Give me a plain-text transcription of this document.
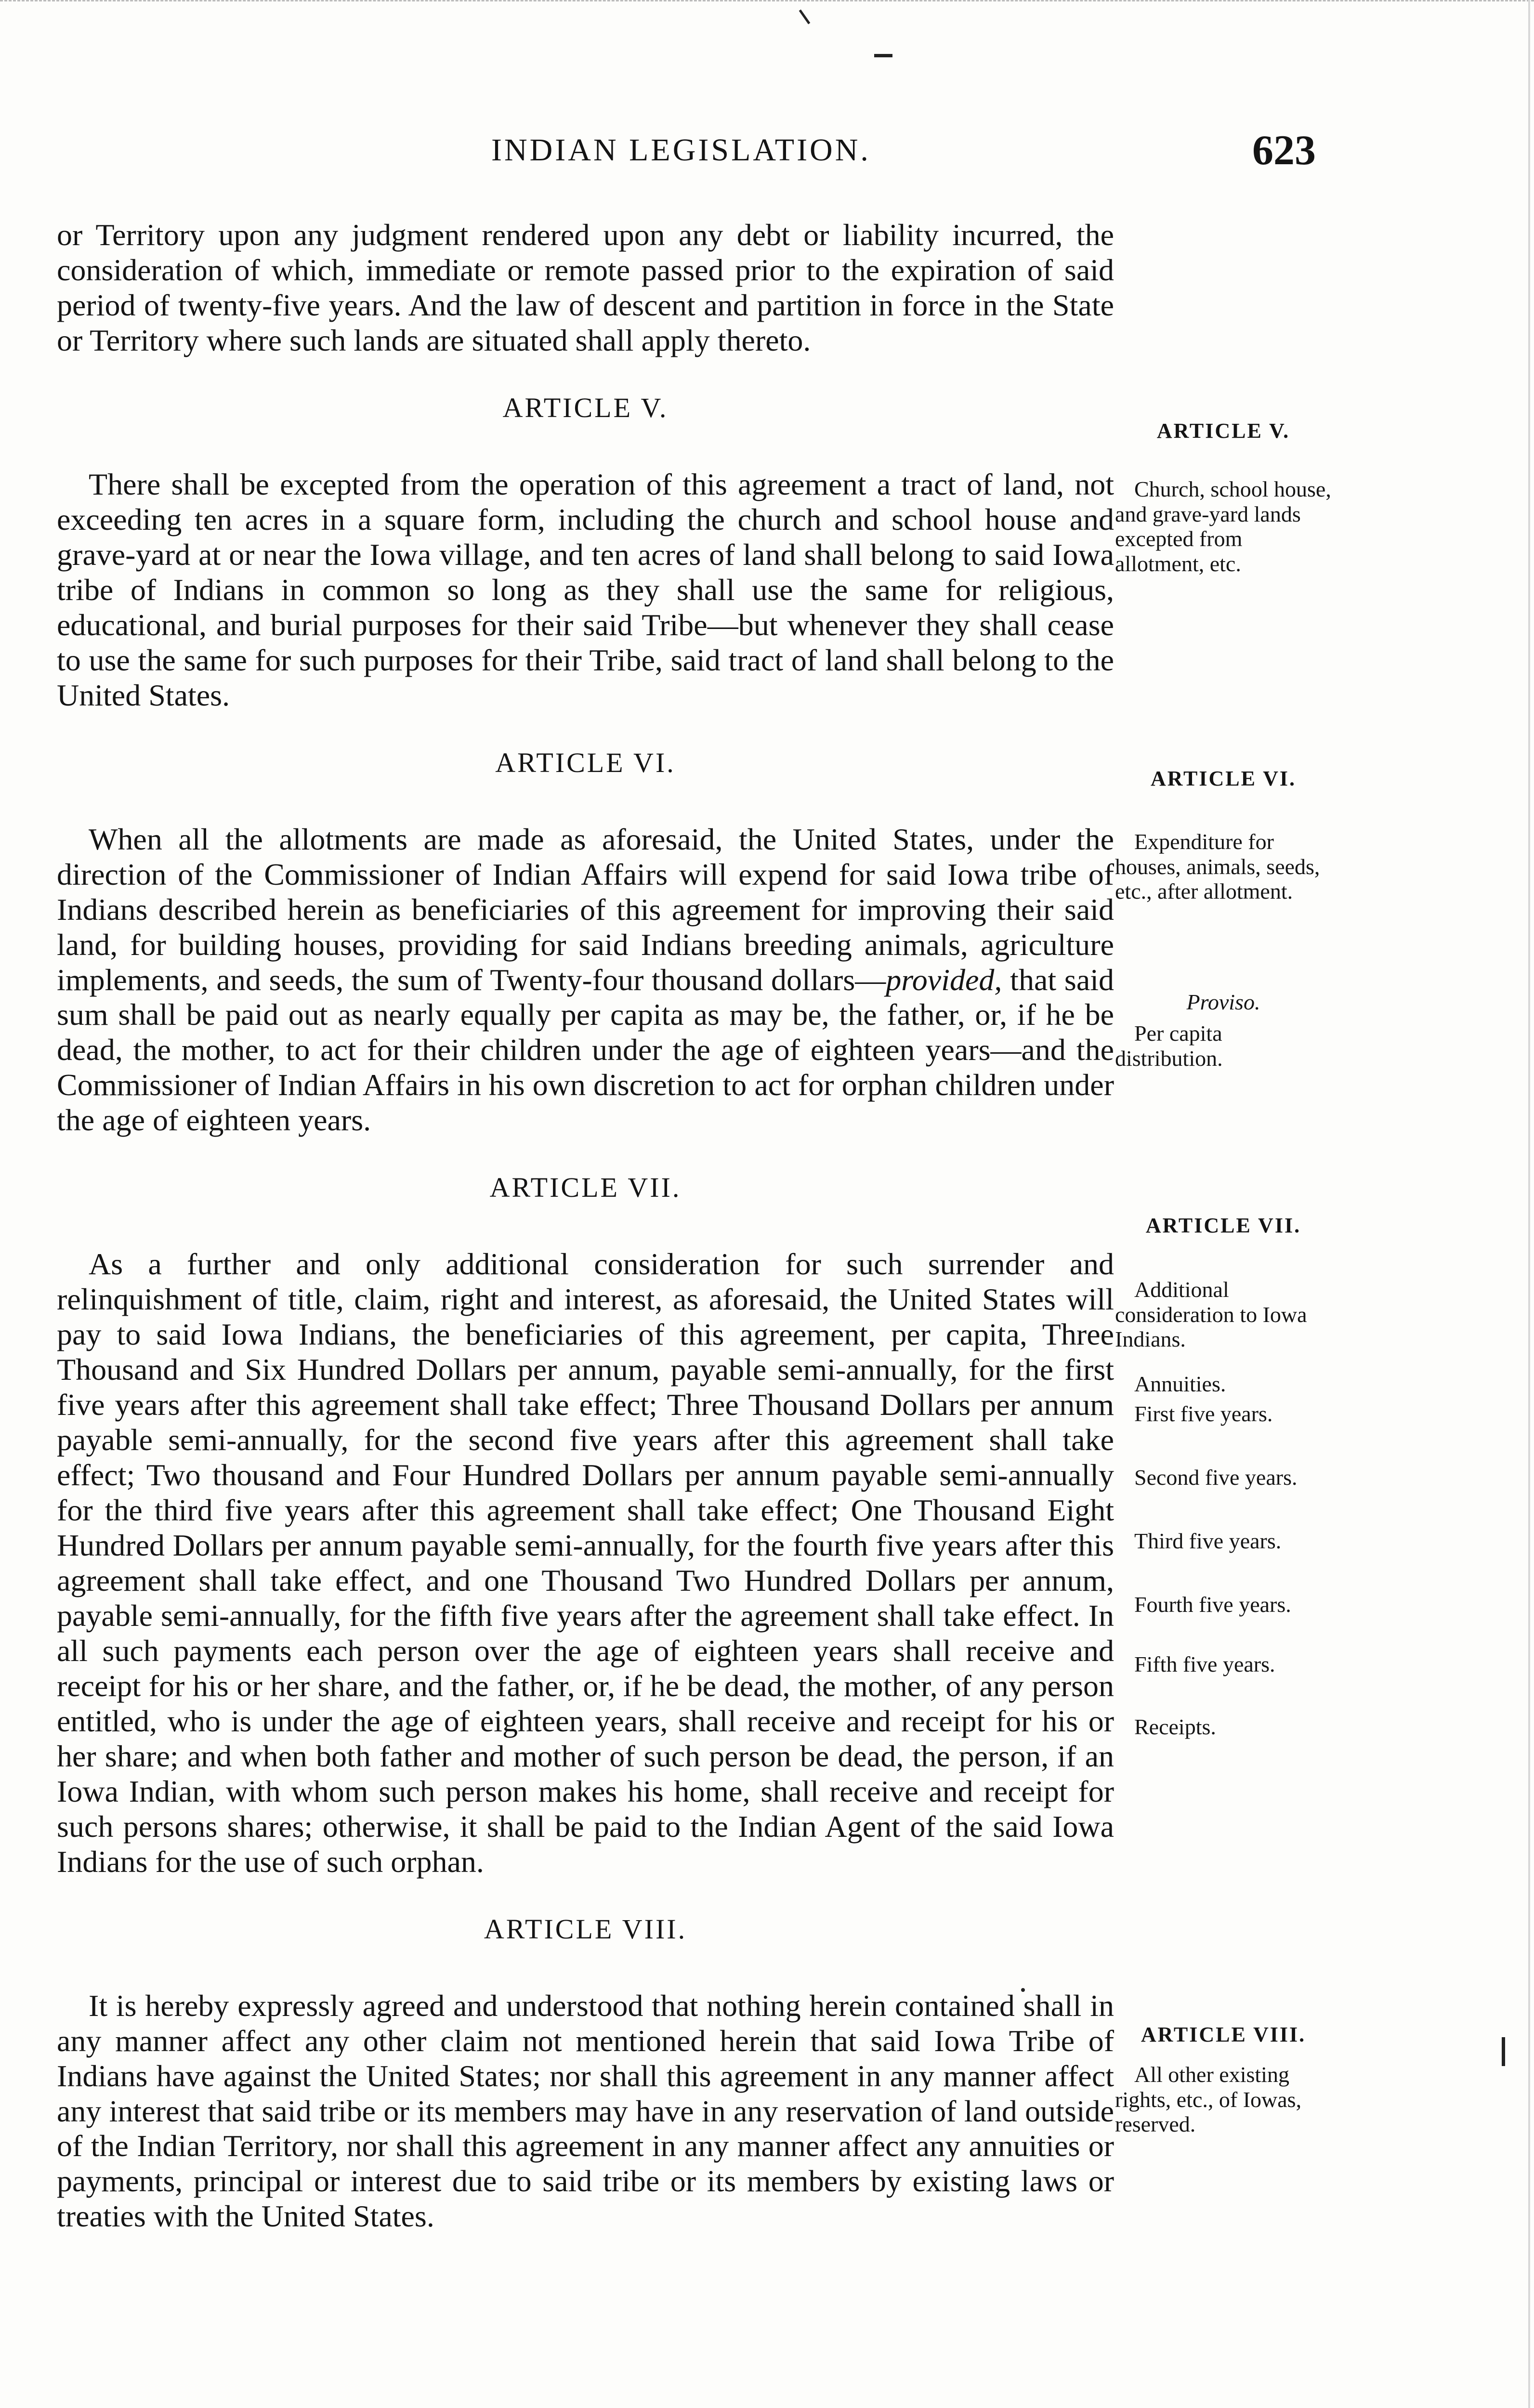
INDIAN LEGISLATION.	623

or Territory upon any judgment rendered upon any debt or liability incurred, the consideration of which, immediate or remote passed prior to the expiration of said period of twenty-five years. And the law of descent and partition in force in the State or Territory where such lands are situated shall apply thereto.

ARTICLE V.

There shall be excepted from the operation of this agreement a tract of land, not exceeding ten acres in a square form, including the church and school house and grave-yard at or near the Iowa village, and ten acres of land shall belong to said Iowa tribe of Indians in common so long as they shall use the same for religious, educational, and burial purposes for their said Tribe—but whenever they shall cease to use the same for such purposes for their Tribe, said tract of land shall belong to the United States.

ARTICLE VI.

When all the allotments are made as aforesaid, the United States, under the direction of the Commissioner of Indian Affairs will expend for said Iowa tribe of Indians described herein as beneficiaries of this agreement for improving their said land, for building houses, providing for said Indians breeding animals, agriculture implements, and seeds, the sum of Twenty-four thousand dollars—provided, that said sum shall be paid out as nearly equally per capita as may be, the father, or, if he be dead, the mother, to act for their children under the age of eighteen years—and the Commissioner of Indian Affairs in his own discretion to act for orphan children under the age of eighteen years.

ARTICLE VII.

As a further and only additional consideration for such surrender and relinquishment of title, claim, right and interest, as aforesaid, the United States will pay to said Iowa Indians, the beneficiaries of this agreement, per capita, Three Thousand and Six Hundred Dollars per annum, payable semi-annually, for the first five years after this agreement shall take effect; Three Thousand Dollars per annum payable semi-annually, for the second five years after this agreement shall take effect; Two thousand and Four Hundred Dollars per annum payable semi-annually for the third five years after this agreement shall take effect; One Thousand Eight Hundred Dollars per annum payable semi-annually, for the fourth five years after this agreement shall take effect, and one Thousand Two Hundred Dollars per annum, payable semi-annually, for the fifth five years after the agreement shall take effect. In all such payments each person over the age of eighteen years shall receive and receipt for his or her share, and the father, or, if he be dead, the mother, of any person entitled, who is under the age of eighteen years, shall receive and receipt for his or her share; and when both father and mother of such person be dead, the person, if an Iowa Indian, with whom such person makes his home, shall receive and receipt for such persons shares; otherwise, it shall be paid to the Indian Agent of the said Iowa Indians for the use of such orphan.

ARTICLE VIII.

It is hereby expressly agreed and understood that nothing herein contained shall in any manner affect any other claim not mentioned herein that said Iowa Tribe of Indians have against the United States; nor shall this agreement in any manner affect any interest that said tribe or its members may have in any reservation of land outside of the Indian Territory, nor shall this agreement in any manner affect any annuities or payments, principal or interest due to said tribe or its members by existing laws or treaties with the United States.

ARTICLE V.
Church, school house, and grave-yard lands excepted from allotment, etc.
ARTICLE VI.
Expenditure for houses, animals, seeds, etc., after allotment.
Proviso.
Per capita distribution.
ARTICLE VII.
Additional consideration to Iowa Indians.
Annuities.
First five years.
Second five years.
Third five years.
Fourth five years.
Fifth five years.
Receipts.
ARTICLE VIII.
All other existing rights, etc., of Iowas, reserved.
